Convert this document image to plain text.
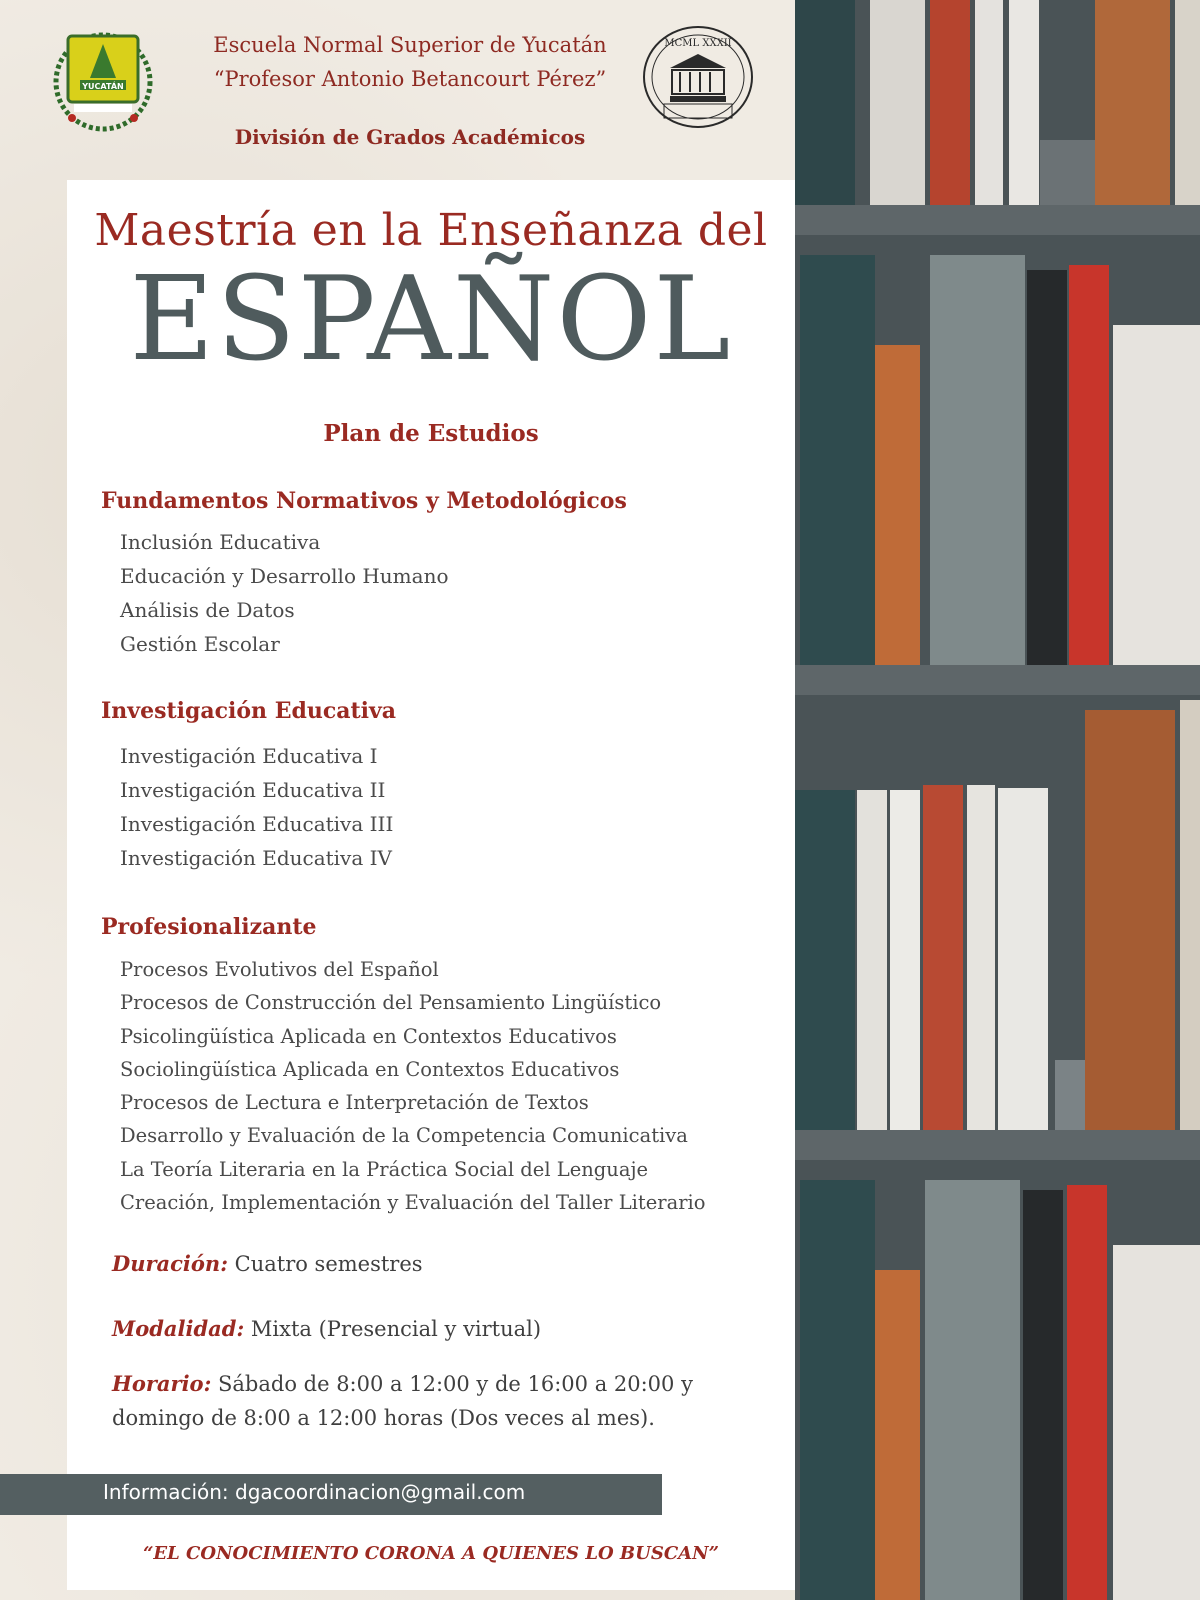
YUCATÁN
Escuela Normal Superior de Yucatán
“Profesor Antonio Betancourt Pérez”
División de Grados Académicos
MCML XXXII
Maestría en la Enseñanza del
ESPAÑOL
Plan de Estudios
Fundamentos Normativos y Metodológicos
Inclusión Educativa
Educación y Desarrollo Humano
Análisis de Datos
Gestión Escolar
Investigación Educativa
Investigación Educativa I
Investigación Educativa II
Investigación Educativa III
Investigación Educativa IV
Profesionalizante
Procesos Evolutivos del Español
Procesos de Construcción del Pensamiento Lingüístico
Psicolingüística Aplicada en Contextos Educativos
Sociolingüística Aplicada en Contextos Educativos
Procesos de Lectura e Interpretación de Textos
Desarrollo y Evaluación de la Competencia Comunicativa
La Teoría Literaria en la Práctica Social del Lenguaje
Creación, Implementación y Evaluación del Taller Literario
Duración: Cuatro semestres
Modalidad: Mixta (Presencial y virtual)
Horario: Sábado de 8:00 a 12:00 y de 16:00 a 20:00 y
domingo de 8:00 a 12:00 horas (Dos veces al mes).
Información: dgacoordinacion@gmail.com
“EL CONOCIMIENTO CORONA A QUIENES LO BUSCAN”
